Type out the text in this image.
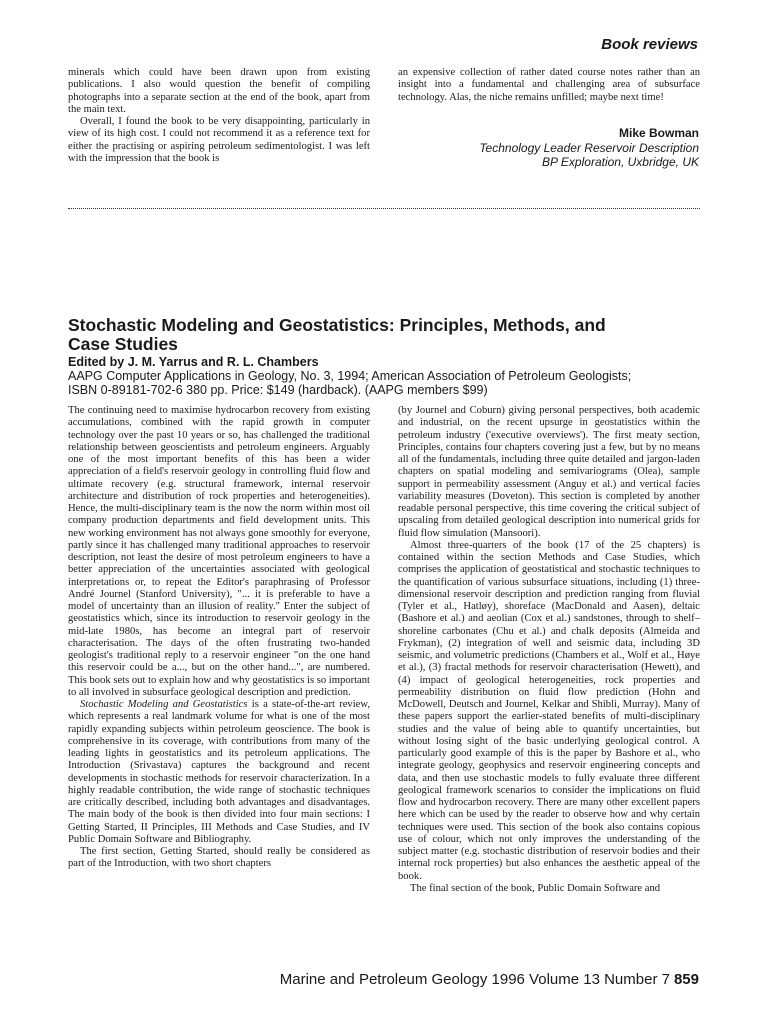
Book reviews

minerals which could have been drawn upon from existing publications. I also would question the benefit of compiling photographs into a separate section at the end of the book, apart from the main text.

Overall, I found the book to be very disappointing, particularly in view of its high cost. I could not recommend it as a reference text for either the practising or aspiring petroleum sedimentologist. I was left with the impression that the book is

an expensive collection of rather dated course notes rather than an insight into a fundamental and challenging area of subsurface technology. Alas, the niche remains unfilled; maybe next time!

Mike Bowman
Technology Leader Reservoir Description
BP Exploration, Uxbridge, UK
Stochastic Modeling and Geostatistics: Principles, Methods, and Case Studies
Edited by J. M. Yarrus and R. L. Chambers
AAPG Computer Applications in Geology, No. 3, 1994; American Association of Petroleum Geologists;
ISBN 0-89181-702-6 380 pp. Price: $149 (hardback). (AAPG members $99)

The continuing need to maximise hydrocarbon recovery from existing accumulations, combined with the rapid growth in computer technology over the past 10 years or so, has challenged the traditional relationship between geoscientists and petroleum engineers. Arguably one of the most important benefits of this has been a wider appreciation of a field's reservoir geology in controlling fluid flow and ultimate recovery (e.g. structural framework, internal reservoir architecture and distribution of rock properties and heterogeneities). Hence, the multi-disciplinary team is the now the norm within most oil company production departments and field development units. This new working environment has not always gone smoothly for everyone, partly since it has challenged many traditional approaches to reservoir description, not least the desire of most petroleum engineers to have a better appreciation of the uncertainties associated with geological interpretations or, to repeat the Editor's paraphrasing of Professor André Journel (Stanford University), "... it is preferable to have a model of uncertainty than an illusion of reality." Enter the subject of geostatistics which, since its introduction to reservoir geology in the mid-late 1980s, has become an integral part of reservoir characterisation. The days of the often frustrating two-handed geologist's traditional reply to a reservoir engineer "on the one hand this reservoir could be a..., but on the other hand...", are numbered. This book sets out to explain how and why geostatistics is so important to all involved in subsurface geological description and prediction.

Stochastic Modeling and Geostatistics is a state-of-the-art review, which represents a real landmark volume for what is one of the most rapidly expanding subjects within petroleum geoscience. The book is comprehensive in its coverage, with contributions from many of the leading lights in geostatistics and its petroleum applications. The Introduction (Srivastava) captures the background and recent developments in stochastic methods for reservoir characterization. In a highly readable contribution, the wide range of stochastic techniques are critically described, including both advantages and disadvantages. The main body of the book is then divided into four main sections: I Getting Started, II Principles, III Methods and Case Studies, and IV Public Domain Software and Bibliography.

The first section, Getting Started, should really be considered as part of the Introduction, with two short chapters

(by Journel and Coburn) giving personal perspectives, both academic and industrial, on the recent upsurge in geostatistics within the petroleum industry ('executive overviews'). The first meaty section, Principles, contains four chapters covering just a few, but by no means all of the fundamentals, including three quite detailed and jargon-laden chapters on spatial modeling and semivariograms (Olea), sample support in permeability assessment (Anguy et al.) and vertical facies variability measures (Doveton). This section is completed by another readable personal perspective, this time covering the critical subject of upscaling from detailed geological description into numerical grids for fluid flow simulation (Mansoori).

Almost three-quarters of the book (17 of the 25 chapters) is contained within the section Methods and Case Studies, which comprises the application of geostatistical and stochastic techniques to the quantification of various subsurface situations, including (1) three-dimensional reservoir description and prediction ranging from fluvial (Tyler et al., Hatløy), shoreface (MacDonald and Aasen), deltaic (Bashore et al.) and aeolian (Cox et al.) sandstones, through to shelf–shoreline carbonates (Chu et al.) and chalk deposits (Almeida and Frykman), (2) integration of well and seismic data, including 3D seismic, and volumetric predictions (Chambers et al., Wolf et al., Høye et al.), (3) fractal methods for reservoir characterisation (Hewett), and (4) impact of geological heterogeneities, rock properties and permeability distribution on fluid flow prediction (Hohn and McDowell, Deutsch and Journel, Kelkar and Shibli, Murray). Many of these papers support the earlier-stated benefits of multi-disciplinary studies and the value of being able to quantify uncertainties, but without losing sight of the basic underlying geological control. A particularly good example of this is the paper by Bashore et al., who integrate geology, geophysics and reservoir engineering concepts and data, and then use stochastic models to fully evaluate three different geological framework scenarios to consider the implications on fluid flow and hydrocarbon recovery. There are many other excellent papers here which can be used by the reader to observe how and why certain techniques were used. This section of the book also contains copious use of colour, which not only improves the understanding of the subject matter (e.g. stochastic distribution of reservoir bodies and their internal rock properties) but also enhances the aesthetic appeal of the book.

The final section of the book, Public Domain Software and

Marine and Petroleum Geology 1996 Volume 13 Number 7 859
